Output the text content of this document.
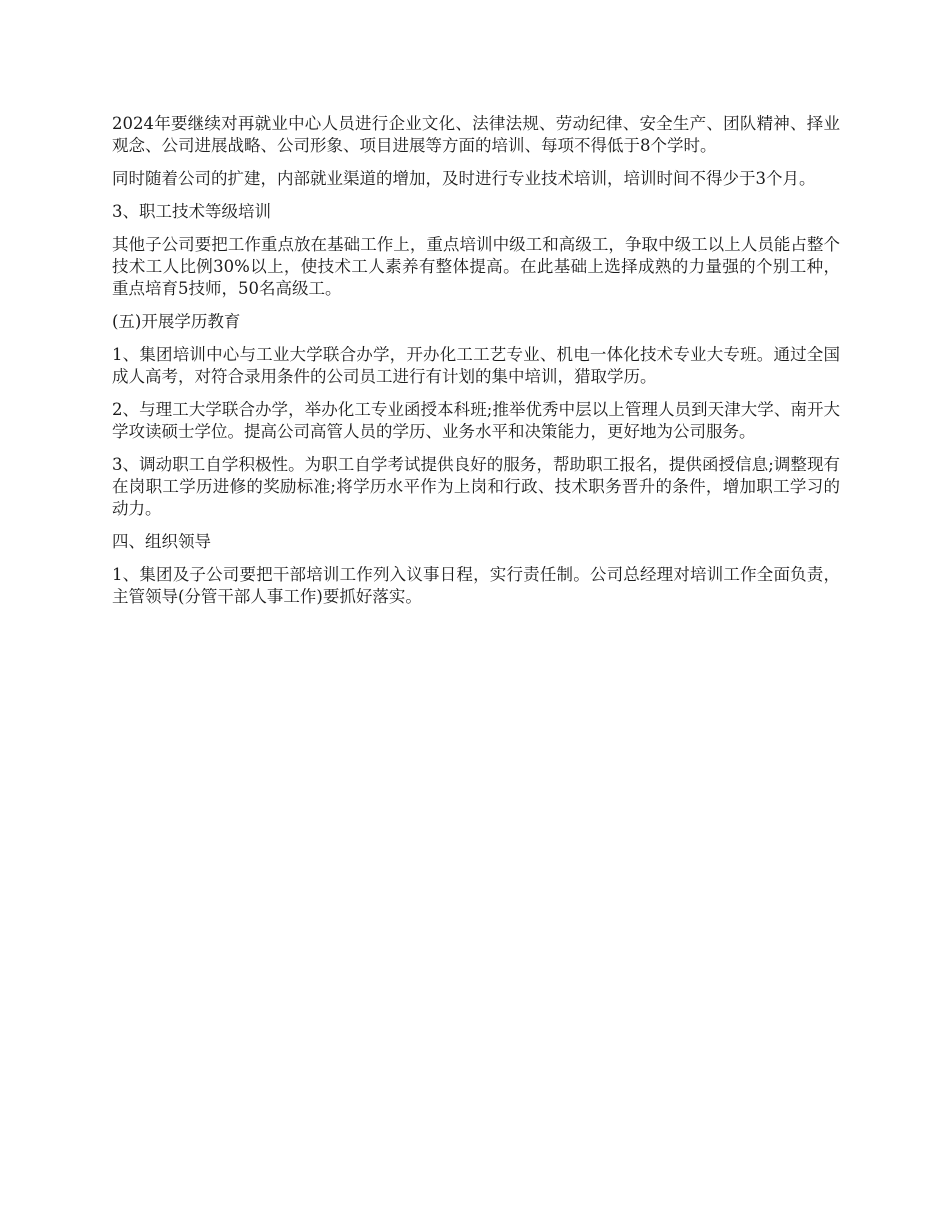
2024年要继续对再就业中心人员进行企业文化、法律法规、劳动纪律、安全生产、团队精神、择业观念、公司进展战略、公司形象、项目进展等方面的培训、每项不得低于8个学时。

同时随着公司的扩建，内部就业渠道的增加，及时进行专业技术培训，培训时间不得少于3个月。

3、职工技术等级培训

其他子公司要把工作重点放在基础工作上，重点培训中级工和高级工，争取中级工以上人员能占整个技术工人比例30%以上，使技术工人素养有整体提高。在此基础上选择成熟的力量强的个别工种，重点培育5技师，50名高级工。

(五)开展学历教育

1、集团培训中心与工业大学联合办学，开办化工工艺专业、机电一体化技术专业大专班。通过全国成人高考，对符合录用条件的公司员工进行有计划的集中培训，猎取学历。

2、与理工大学联合办学，举办化工专业函授本科班;推举优秀中层以上管理人员到天津大学、南开大学攻读硕士学位。提高公司高管人员的学历、业务水平和决策能力，更好地为公司服务。

3、调动职工自学积极性。为职工自学考试提供良好的服务，帮助职工报名，提供函授信息;调整现有在岗职工学历进修的奖励标准;将学历水平作为上岗和行政、技术职务晋升的条件，增加职工学习的动力。

四、组织领导

1、集团及子公司要把干部培训工作列入议事日程，实行责任制。公司总经理对培训工作全面负责，主管领导(分管干部人事工作)要抓好落实。
